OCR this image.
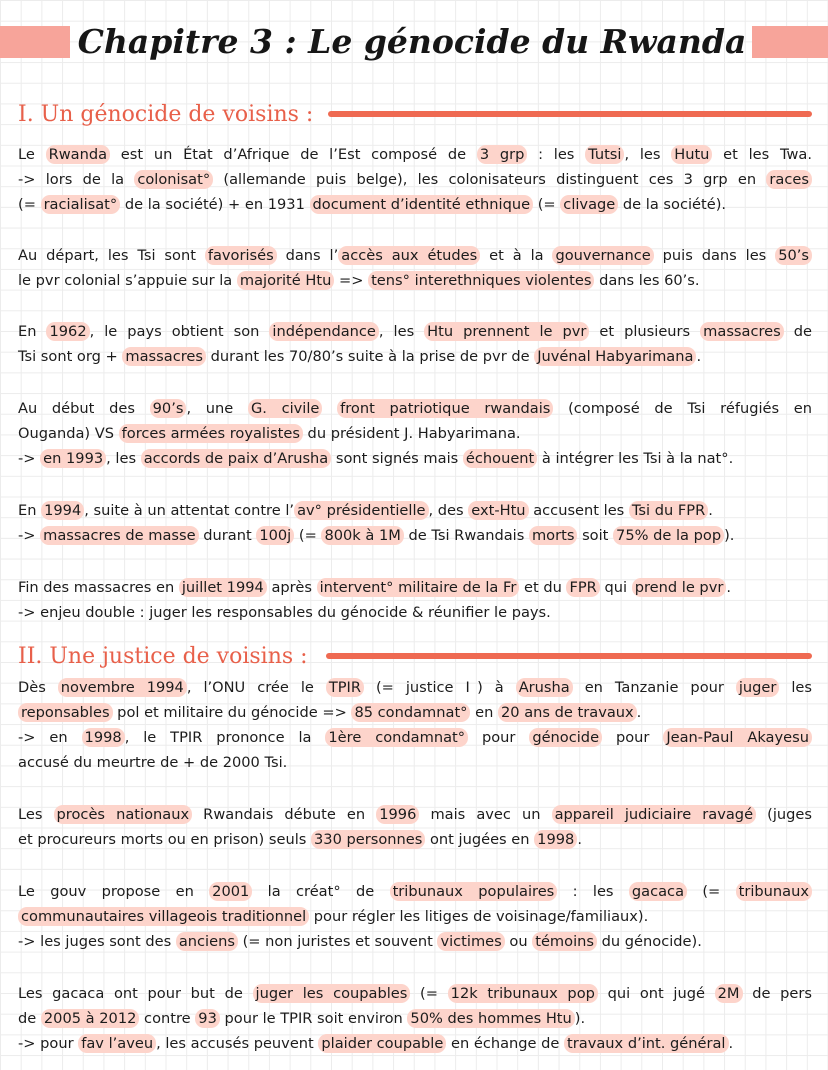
Chapitre 3 : Le génocide du Rwanda
I. Un génocide de voisins :
Le Rwanda est un État d’Afrique de l’Est composé de 3 grp : les Tutsi , les Hutu et les Twa.
-> lors de la colonisat° (allemande puis belge), les colonisateurs distinguent ces 3 grp en races
(= racialisat° de la société) + en 1931 document d’identité ethnique (= clivage de la société).
Au départ, les Tsi sont favorisés dans l’ accès aux études et à la gouvernance puis dans les 50’s
le pvr colonial s’appuie sur la majorité Htu => tens° interethniques violentes dans les 60’s.
En 1962 , le pays obtient son indépendance , les Htu prennent le pvr et plusieurs massacres de
Tsi sont org + massacres durant les 70/80’s suite à la prise de pvr de Juvénal Habyarimana .
Au début des 90’s , une G. civile front patriotique rwandais (composé de Tsi réfugiés en
Ouganda) VS forces armées royalistes du président J. Habyarimana.
-> en 1993 , les accords de paix d’Arusha sont signés mais échouent à intégrer les Tsi à la nat°.
En 1994 , suite à un attentat contre l’ av° présidentielle , des ext-Htu accusent les Tsi du FPR .
-> massacres de masse durant 100j (= 800k à 1M de Tsi Rwandais morts soit 75% de la pop ).
Fin des massacres en juillet 1994 après intervent° militaire de la Fr et du FPR qui prend le pvr .
-> enjeu double : juger les responsables du génocide & réunifier le pays.
II. Une justice de voisins :
Dès novembre 1994 , l’ONU crée le TPIR (= justice Ⅰ) à Arusha en Tanzanie pour juger les
reponsables pol et militaire du génocide => 85 condamnat° en 20 ans de travaux .
-> en 1998 , le TPIR prononce la 1ère condamnat° pour génocide pour Jean-Paul Akayesu
accusé du meurtre de + de 2000 Tsi.
Les procès nationaux Rwandais débute en 1996 mais avec un appareil judiciaire ravagé (juges
et procureurs morts ou en prison) seuls 330 personnes ont jugées en 1998 .
Le gouv propose en 2001 la créat° de tribunaux populaires : les gacaca (= tribunaux
communautaires villageois traditionnel pour régler les litiges de voisinage/familiaux).
-> les juges sont des anciens (= non juristes et souvent victimes ou témoins du génocide).
Les gacaca ont pour but de juger les coupables (= 12k tribunaux pop qui ont jugé 2M de pers
de 2005 à 2012 contre 93 pour le TPIR soit environ 50% des hommes Htu ).
-> pour fav l’aveu , les accusés peuvent plaider coupable en échange de travaux d’int. général .
